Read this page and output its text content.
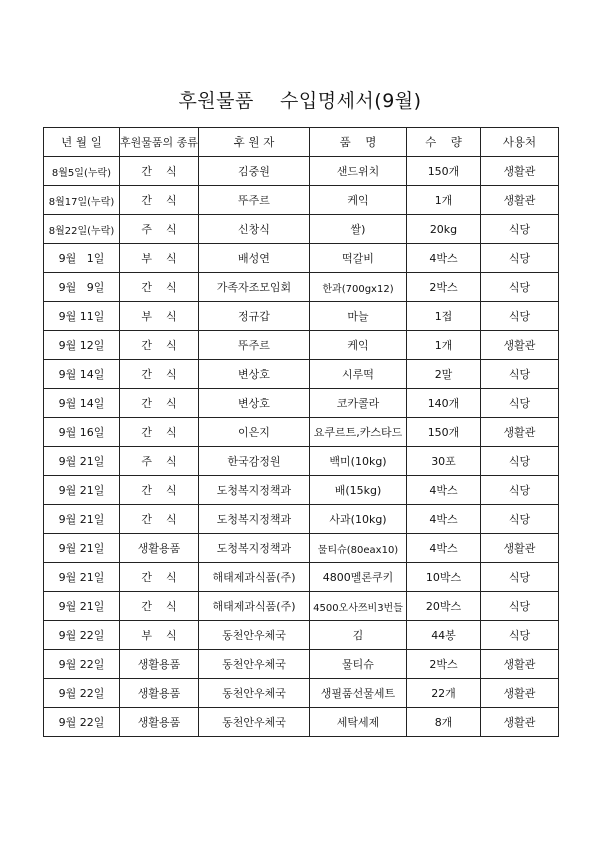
후원물품    수입명세서(9월)
년 월 일	후원물품의 종류	후 원 자	품    명	수    량	사용처
8월5일(누락)	간    식	김중원	샌드위치	150개	생활관
8월17일(누락)	간    식	뚜주르	케익	1개	생활관
8월22일(누락)	주    식	신창식	쌀)	20kg	식당
9월   1일	부    식	배성연	떡갈비	4박스	식당
9월   9일	간    식	가족자조모임회	한과(700gx12)	2박스	식당
9월 11일	부    식	정규갑	마늘	1접	식당
9월 12일	간    식	뚜주르	케익	1개	생활관
9월 14일	간    식	변상호	시루떡	2말	식당
9월 14일	간    식	변상호	코카콜라	140개	식당
9월 16일	간    식	이은지	요쿠르트,카스타드	150개	생활관
9월 21일	주    식	한국감정원	백미(10kg)	30포	식당
9월 21일	간    식	도청복지정책과	배(15kg)	4박스	식당
9월 21일	간    식	도청복지정책과	사과(10kg)	4박스	식당
9월 21일	생활용품	도청복지정책과	물티슈(80eax10)	4박스	생활관
9월 21일	간    식	해태제과식품(주)	4800멜론쿠키	10박스	식당
9월 21일	간    식	해태제과식품(주)	4500오사쯔비3번들	20박스	식당
9월 22일	부    식	동천안우체국	김	44봉	식당
9월 22일	생활용품	동천안우체국	물티슈	2박스	생활관
9월 22일	생활용품	동천안우체국	생필품선물세트	22개	생활관
9월 22일	생활용품	동천안우체국	세탁세제	8개	생활관
